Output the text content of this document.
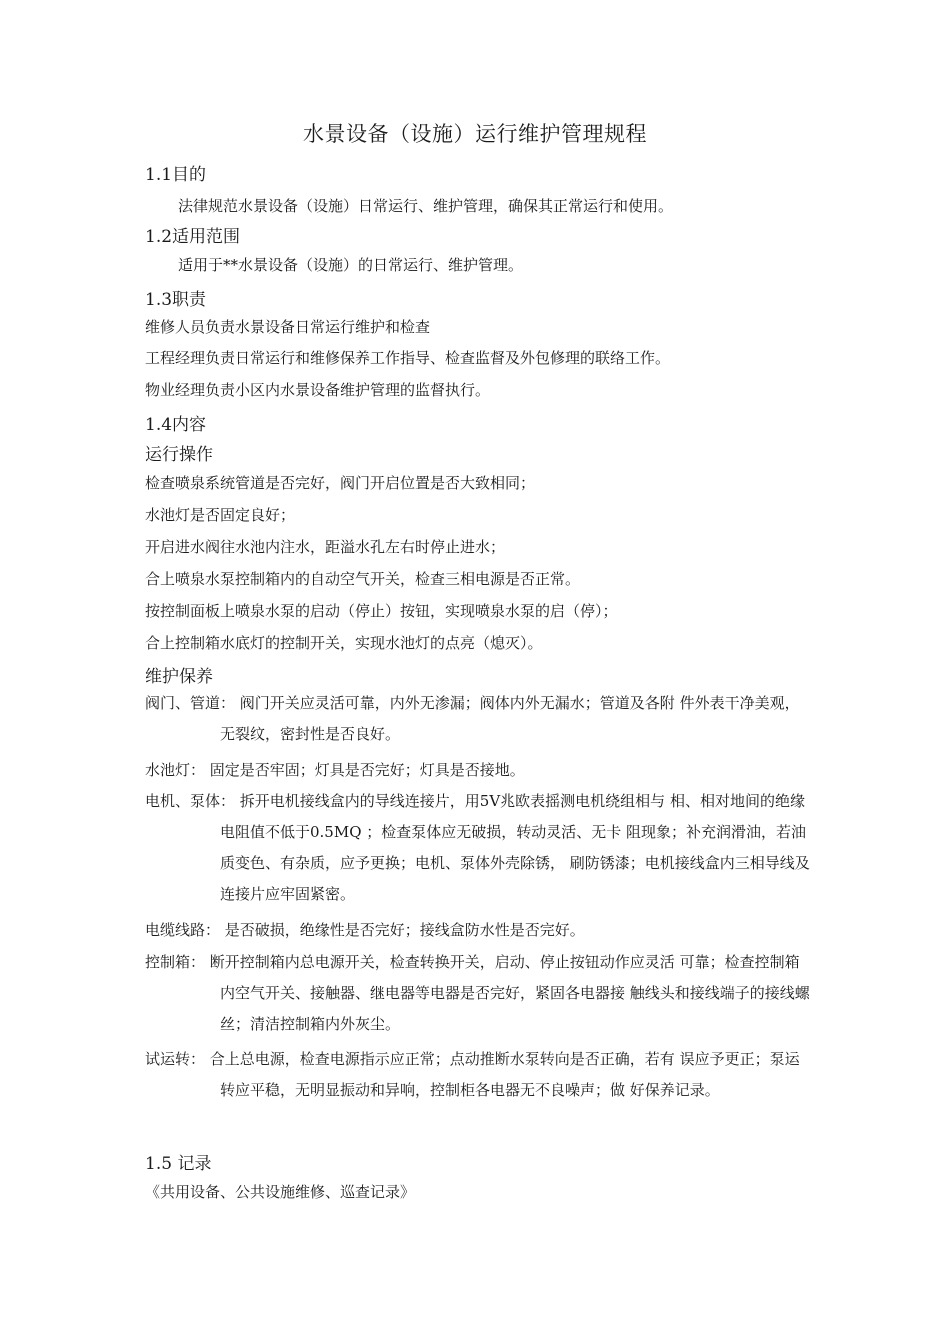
水景设备（设施）运行维护管理规程
1.1目的
法律规范水景设备（设施）日常运行、维护管理，确保其正常运行和使用。
1.2适用范围
适用于**水景设备（设施）的日常运行、维护管理。
1.3职责
维修人员负责水景设备日常运行维护和检查
工程经理负责日常运行和维修保养工作指导、检查监督及外包修理的联络工作。
物业经理负责小区内水景设备维护管理的监督执行。
1.4内容
运行操作
检查喷泉系统管道是否完好，阀门开启位置是否大致相同；
水池灯是否固定良好；
开启进水阀往水池内注水，距溢水孔左右时停止进水；
合上喷泉水泵控制箱内的自动空气开关，检查三相电源是否正常。
按控制面板上喷泉水泵的启动（停止）按钮，实现喷泉水泵的启（停）；
合上控制箱水底灯的控制开关，实现水池灯的点亮（熄灭）。
维护保养
阀门、管道： 阀门开关应灵活可靠，内外无渗漏；阀体内外无漏水；管道及各附 件外表干净美观，无裂纹，密封性是否良好。
水池灯： 固定是否牢固；灯具是否完好；灯具是否接地。
电机、泵体： 拆开电机接线盒内的导线连接片，用5V兆欧表摇测电机绕组相与 相、相对地间的绝缘电阻值不低于0.5MQ ；检查泵体应无破损，转动灵活、无卡 阻现象；补充润滑油，若油质变色、有杂质，应予更换；电机、泵体外壳除锈， 刷防锈漆；电机接线盒内三相导线及连接片应牢固紧密。
电缆线路： 是否破损，绝缘性是否完好；接线盒防水性是否完好。
控制箱： 断开控制箱内总电源开关，检查转换开关，启动、停止按钮动作应灵活 可靠；检查控制箱内空气开关、接触器、继电器等电器是否完好，紧固各电器接 触线头和接线端子的接线螺丝；清洁控制箱内外灰尘。
试运转： 合上总电源，检查电源指示应正常；点动推断水泵转向是否正确，若有 误应予更正；泵运转应平稳，无明显振动和异响，控制柜各电器无不良噪声；做 好保养记录。
1.5 记录
《共用设备、公共设施维修、巡查记录》
